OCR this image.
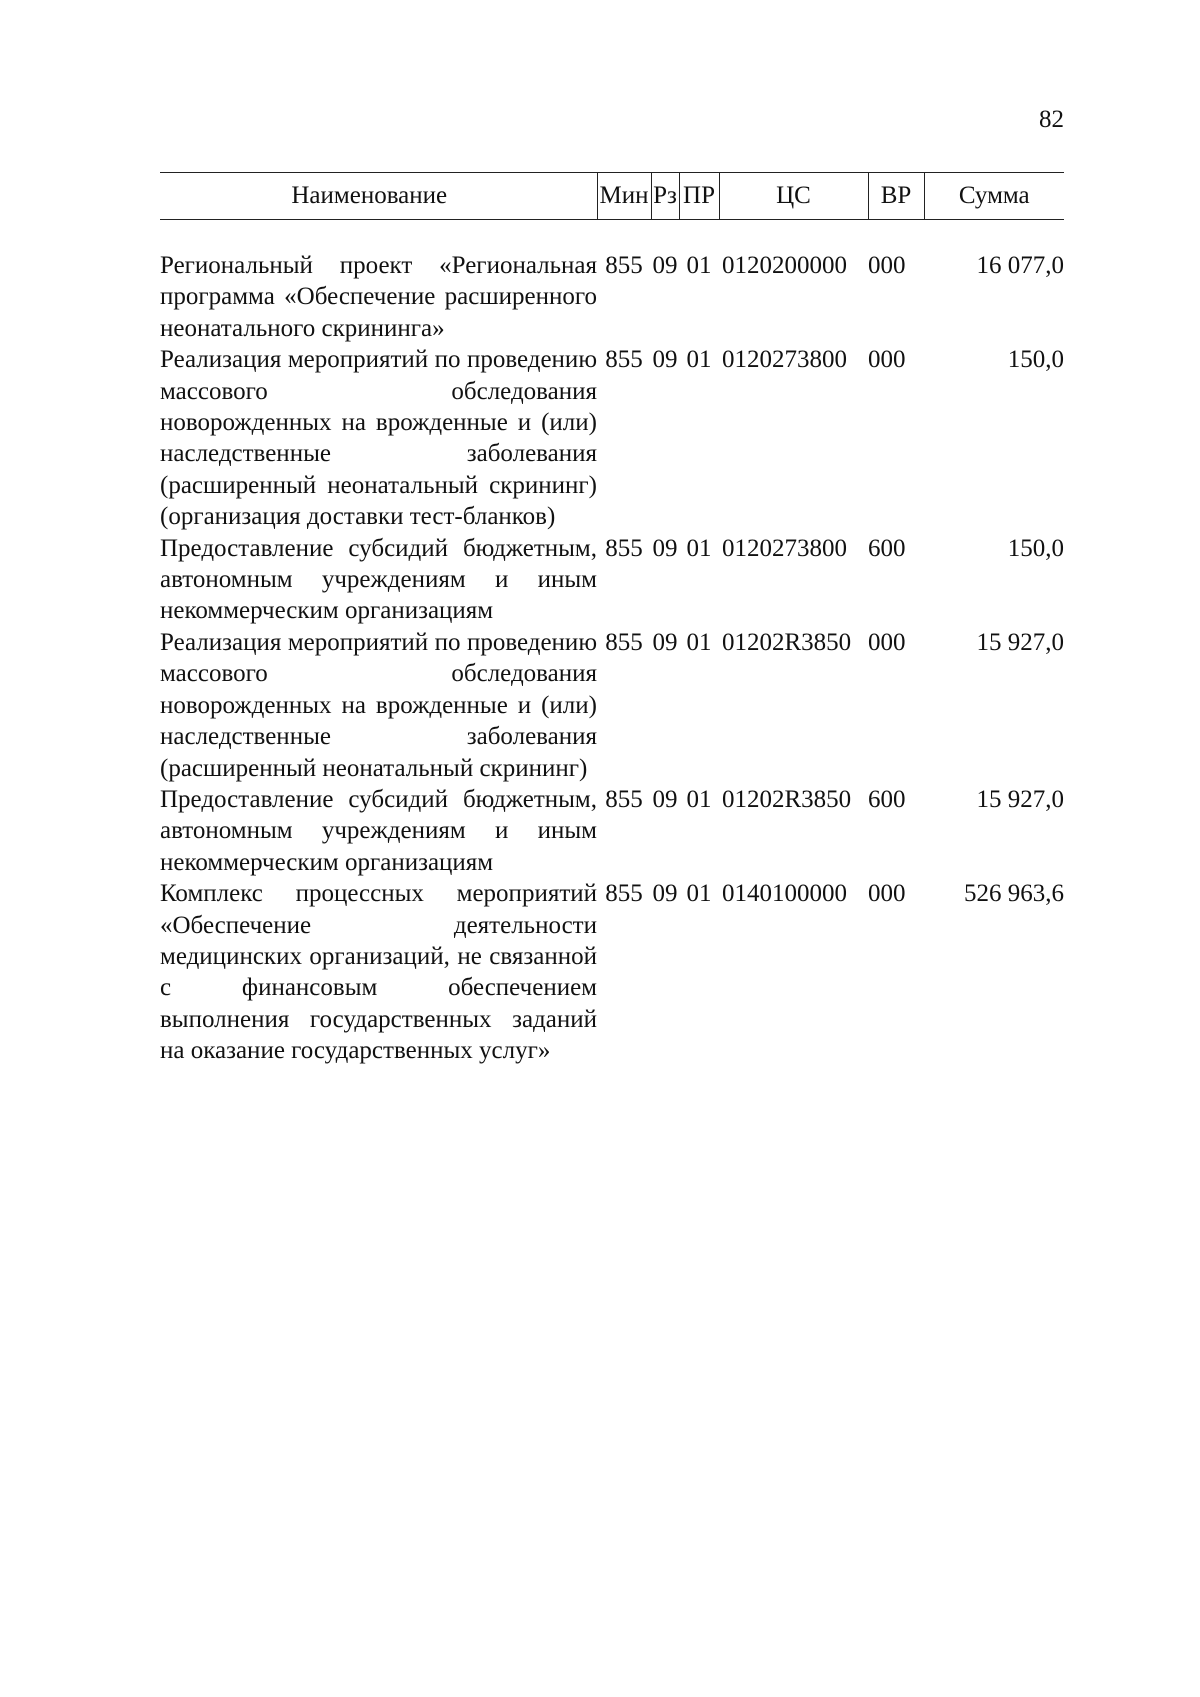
82
Наименование	Мин	Рз	ПР	ЦС	ВР	Сумма

Региональный проект «Региональная программа «Обеспечение расширенного неонатального скрининга»	855	09	01	0120200000	000	16 077,0
Реализация мероприятий по проведению массового обследования новорожденных на врожденные и (или) наследственные заболевания (расширенный неонатальный скрининг) (организация доставки тест-бланков)	855	09	01	0120273800	000	150,0
Предоставление субсидий бюджетным, автономным учреждениям и иным некоммерческим организациям	855	09	01	0120273800	600	150,0
Реализация мероприятий по проведению массового обследования новорожденных на врожденные и (или) наследственные заболевания (расширенный неонатальный скрининг)	855	09	01	01202R3850	000	15 927,0
Предоставление субсидий бюджетным, автономным учреждениям и иным некоммерческим организациям	855	09	01	01202R3850	600	15 927,0
Комплекс процессных мероприятий «Обеспечение деятельности медицинских организаций, не связанной с финансовым обеспечением выполнения государственных заданий на оказание государственных услуг»	855	09	01	0140100000	000	526 963,6
